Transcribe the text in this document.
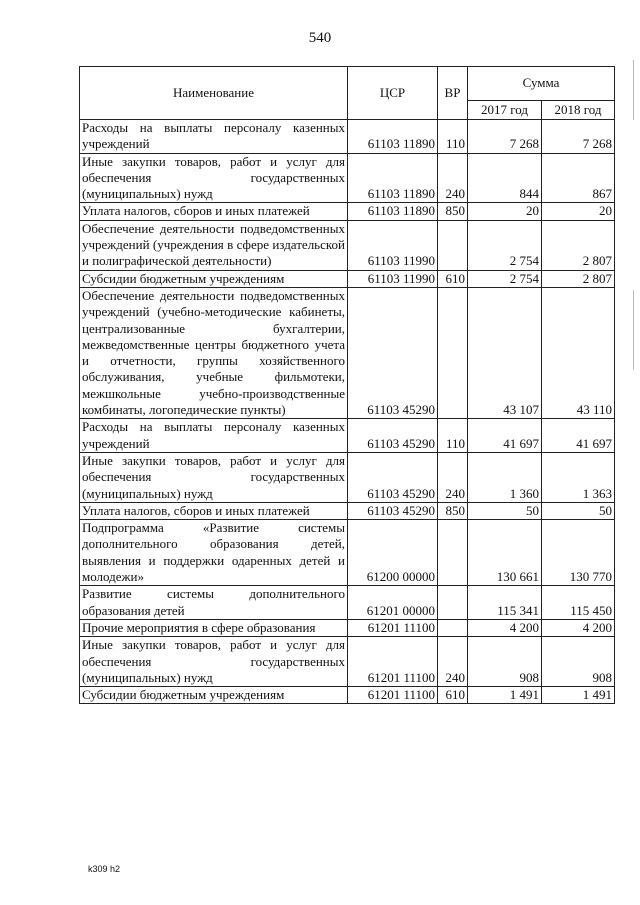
540
Наименование	ЦСР	ВР	Сумма	
			2017 год	2018 год
Расходы на выплаты персоналу казенных учреждений	61103 11890	110	7 268	7 268
Иные закупки товаров, работ и услуг для обеспечения государственных (муниципальных) нужд	61103 11890	240	844	867
Уплата налогов, сборов и иных платежей	61103 11890	850	20	20
Обеспечение деятельности подведомственных учреждений (учреждения в сфере издательской и полиграфической деятельности)	61103 11990		2 754	2 807
Субсидии бюджетным учреждениям	61103 11990	610	2 754	2 807
Обеспечение деятельности подведомственных учреждений (учебно-методические кабинеты, централизованные бухгалтерии, межведомственные центры бюджетного учета и отчетности, группы хозяйственного обслуживания, учебные фильмотеки, межшкольные учебно-производственные комбинаты, логопедические пункты)	61103 45290		43 107	43 110
Расходы на выплаты персоналу казенных учреждений	61103 45290	110	41 697	41 697
Иные закупки товаров, работ и услуг для обеспечения государственных (муниципальных) нужд	61103 45290	240	1 360	1 363
Уплата налогов, сборов и иных платежей	61103 45290	850	50	50
Подпрограмма «Развитие системы дополнительного образования детей, выявления и поддержки одаренных детей и молодежи»	61200 00000		130 661	130 770
Развитие системы дополнительного образования детей	61201 00000		115 341	115 450
Прочие мероприятия в сфере образования	61201 11100		4 200	4 200
Иные закупки товаров, работ и услуг для обеспечения государственных (муниципальных) нужд	61201 11100	240	908	908
Субсидии бюджетным учреждениям	61201 11100	610	1 491	1 491
k309 h2
